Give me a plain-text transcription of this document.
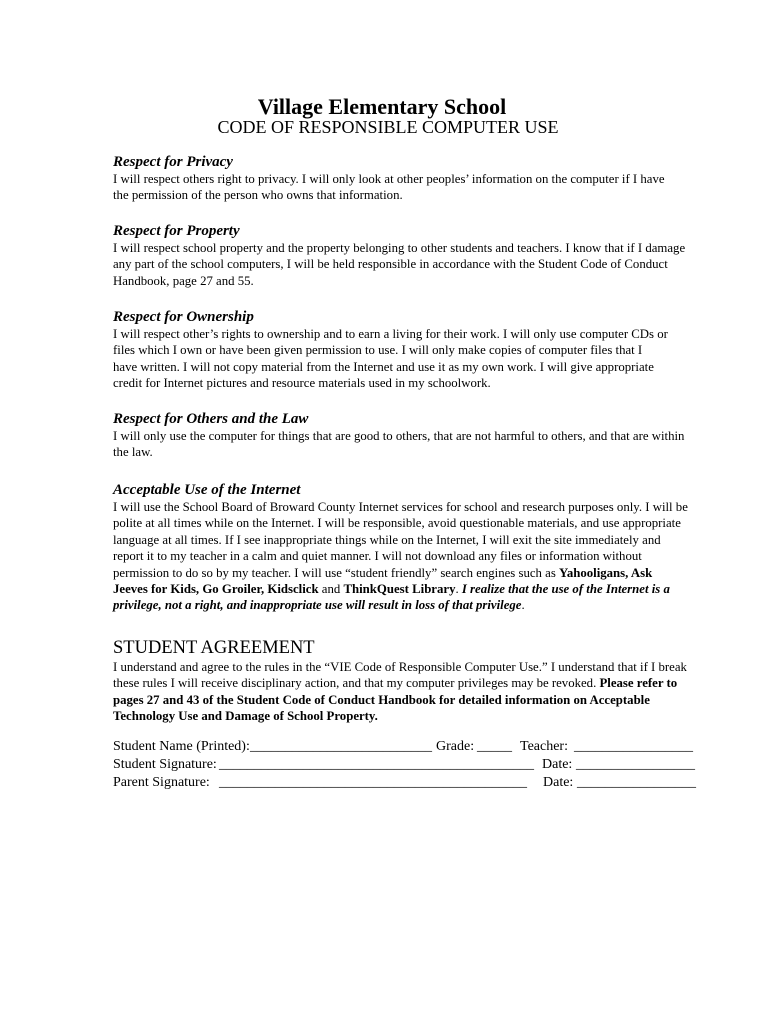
Village Elementary School
CODE OF RESPONSIBLE COMPUTER USE
Respect for Privacy
I will respect others right to privacy. I will only look at other peoples’ information on the computer if I have
the permission of the person who owns that information.
Respect for Property
I will respect school property and the property belonging to other students and teachers. I know that if I damage
any part of the school computers, I will be held responsible in accordance with the Student Code of Conduct
Handbook, page 27 and 55.
Respect for Ownership
I will respect other’s rights to ownership and to earn a living for their work. I will only use computer CDs or
files which I own or have been given permission to use. I will only make copies of computer files that I
have written. I will not copy material from the Internet and use it as my own work. I will give appropriate
credit for Internet pictures and resource materials used in my schoolwork.
Respect for Others and the Law
I will only use the computer for things that are good to others, that are not harmful to others, and that are within
the law.
Acceptable Use of the Internet
I will use the School Board of Broward County Internet services for school and research purposes only. I will be
polite at all times while on the Internet. I will be responsible, avoid questionable materials, and use appropriate
language at all times. If I see inappropriate things while on the Internet, I will exit the site immediately and
report it to my teacher in a calm and quiet manner. I will not download any files or information without
permission to do so by my teacher. I will use “student friendly” search engines such as Yahooligans, Ask
Jeeves for Kids, Go Groiler, Kidsclick and ThinkQuest Library. I realize that the use of the Internet is a
privilege, not a right, and inappropriate use will result in loss of that privilege.
STUDENT AGREEMENT
I understand and agree to the rules in the “VIE Code of Responsible Computer Use.” I understand that if I break
these rules I will receive disciplinary action, and that my computer privileges may be revoked. Please refer to
pages 27 and 43 of the Student Code of Conduct Handbook for detailed information on Acceptable
Technology Use and Damage of School Property.
Student Name (Printed): __________________________ Grade: _____ Teacher: _________________
Student Signature: _____________________________________________ Date: _________________
Parent Signature: ____________________________________________ Date: _________________
